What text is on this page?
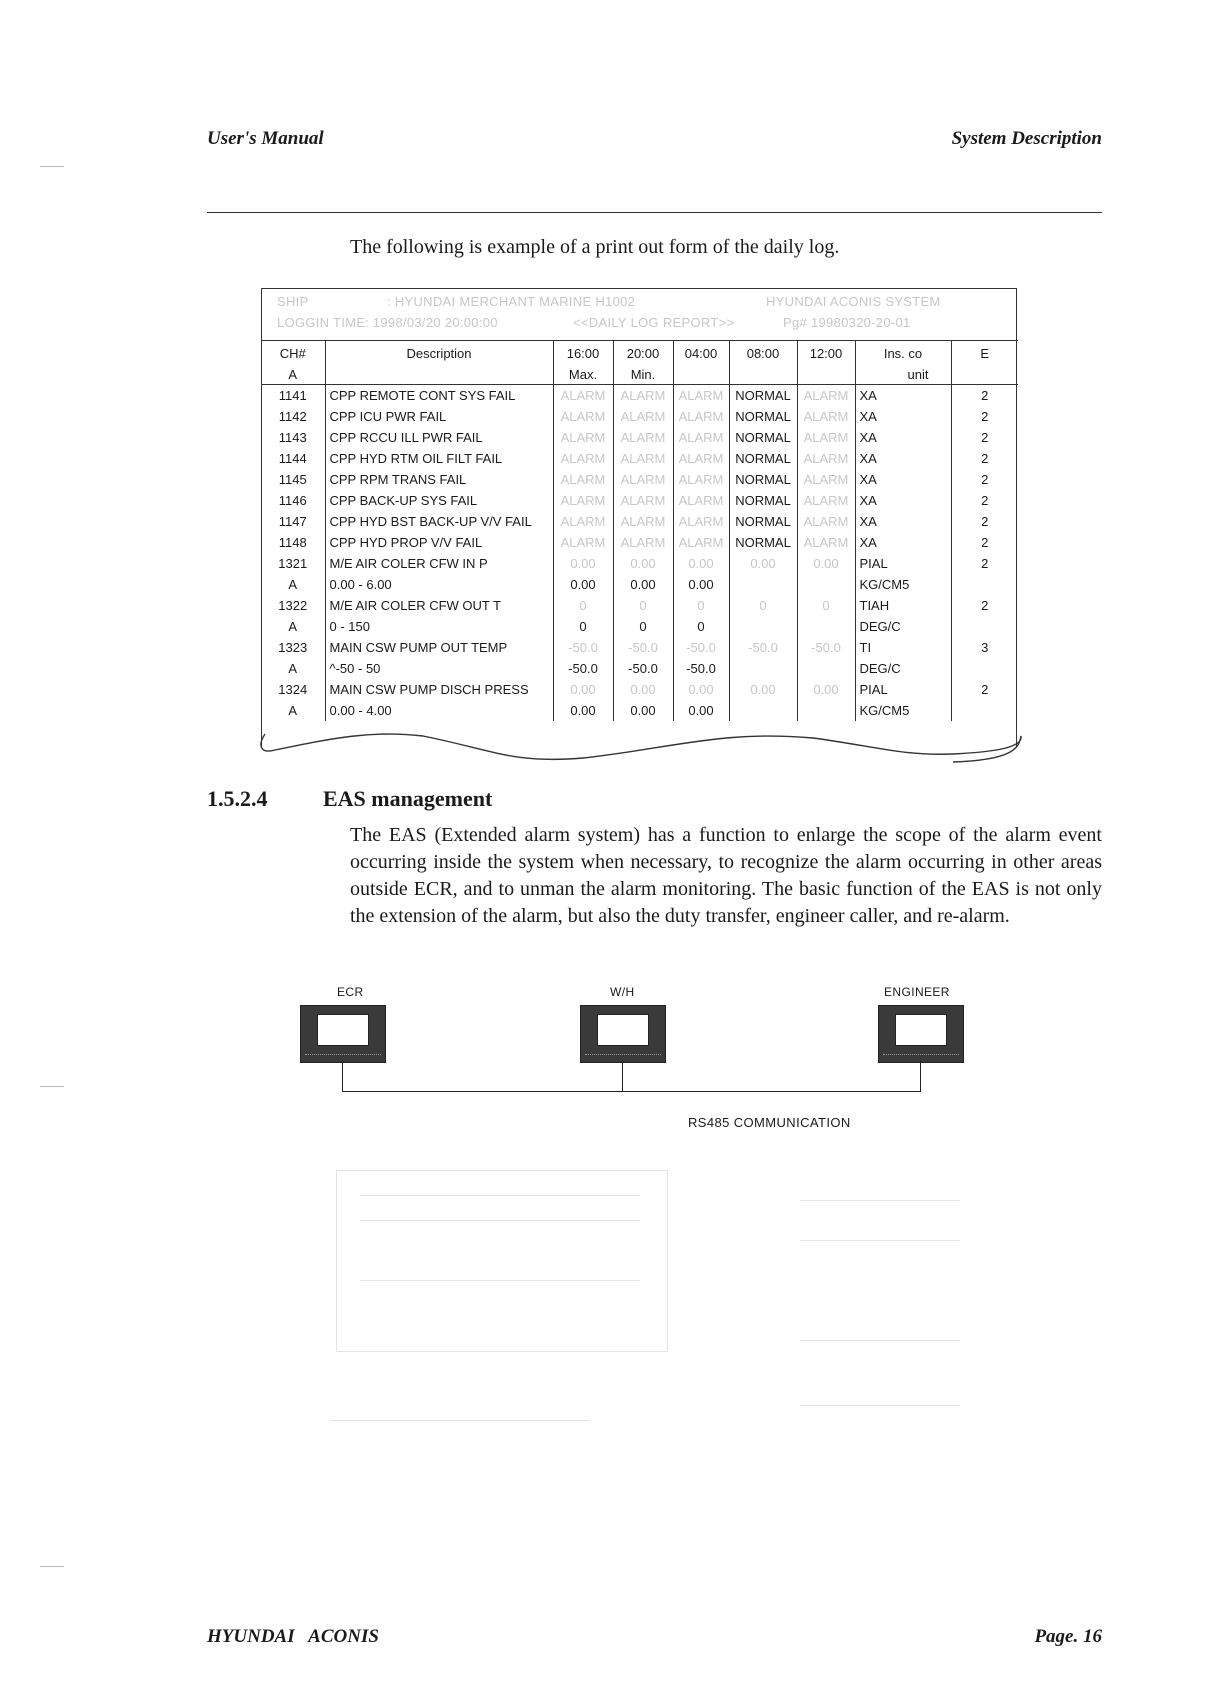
User's Manual	System Description
The following is example of a print out form of the daily log.
SHIP	: HYUNDAI MERCHANT MARINE H1002	HYUNDAI ACONIS SYSTEM
LOGGIN TIME : 1998/03/20 20:00:00	<<DAILY LOG REPORT>>	Pg# 19980320-20-01
CH#	Description	16:00	20:00	04:00	08:00	12:00	Ins. co	E
A		Max.	Min.				unit	
1141	CPP REMOTE CONT SYS FAIL	ALARM	ALARM	ALARM	NORMAL	ALARM	XA	2
1142	CPP ICU PWR FAIL	ALARM	ALARM	ALARM	NORMAL	ALARM	XA	2
1143	CPP RCCU ILL PWR FAIL	ALARM	ALARM	ALARM	NORMAL	ALARM	XA	2
1144	CPP HYD RTM OIL FILT FAIL	ALARM	ALARM	ALARM	NORMAL	ALARM	XA	2
1145	CPP RPM TRANS FAIL	ALARM	ALARM	ALARM	NORMAL	ALARM	XA	2
1146	CPP BACK-UP SYS FAIL	ALARM	ALARM	ALARM	NORMAL	ALARM	XA	2
1147	CPP HYD BST BACK-UP V/V FAIL	ALARM	ALARM	ALARM	NORMAL	ALARM	XA	2
1148	CPP HYD PROP V/V FAIL	ALARM	ALARM	ALARM	NORMAL	ALARM	XA	2
1321	M/E AIR COLER CFW IN P	0.00	0.00	0.00	0.00	0.00	PIAL	2
A	0.00 - 6.00	0.00	0.00	0.00			KG/CM5	
1322	M/E AIR COLER CFW OUT T	0	0	0	0	0	TIAH	2
A	0 - 150	0	0	0			DEG/C	
1323	MAIN CSW PUMP OUT TEMP	-50.0	-50.0	-50.0	-50.0	-50.0	TI	3
A	^-50 - 50	-50.0	-50.0	-50.0			DEG/C	
1324	MAIN CSW PUMP DISCH PRESS	0.00	0.00	0.00	0.00	0.00	PIAL	2
A	0.00 - 4.00	0.00	0.00	0.00			KG/CM5	
1.5.2.4	EAS management
The EAS (Extended alarm system) has a function to enlarge the scope of the alarm event occurring inside the system when necessary, to recognize the alarm occurring in other areas outside ECR, and to unman the alarm monitoring. The basic function of the EAS is not only the extension of the alarm, but also the duty transfer, engineer caller, and re-alarm.
ECR	W/H	ENGINEER
RS485 COMMUNICATION
HYUNDAI   ACONIS	Page. 16
